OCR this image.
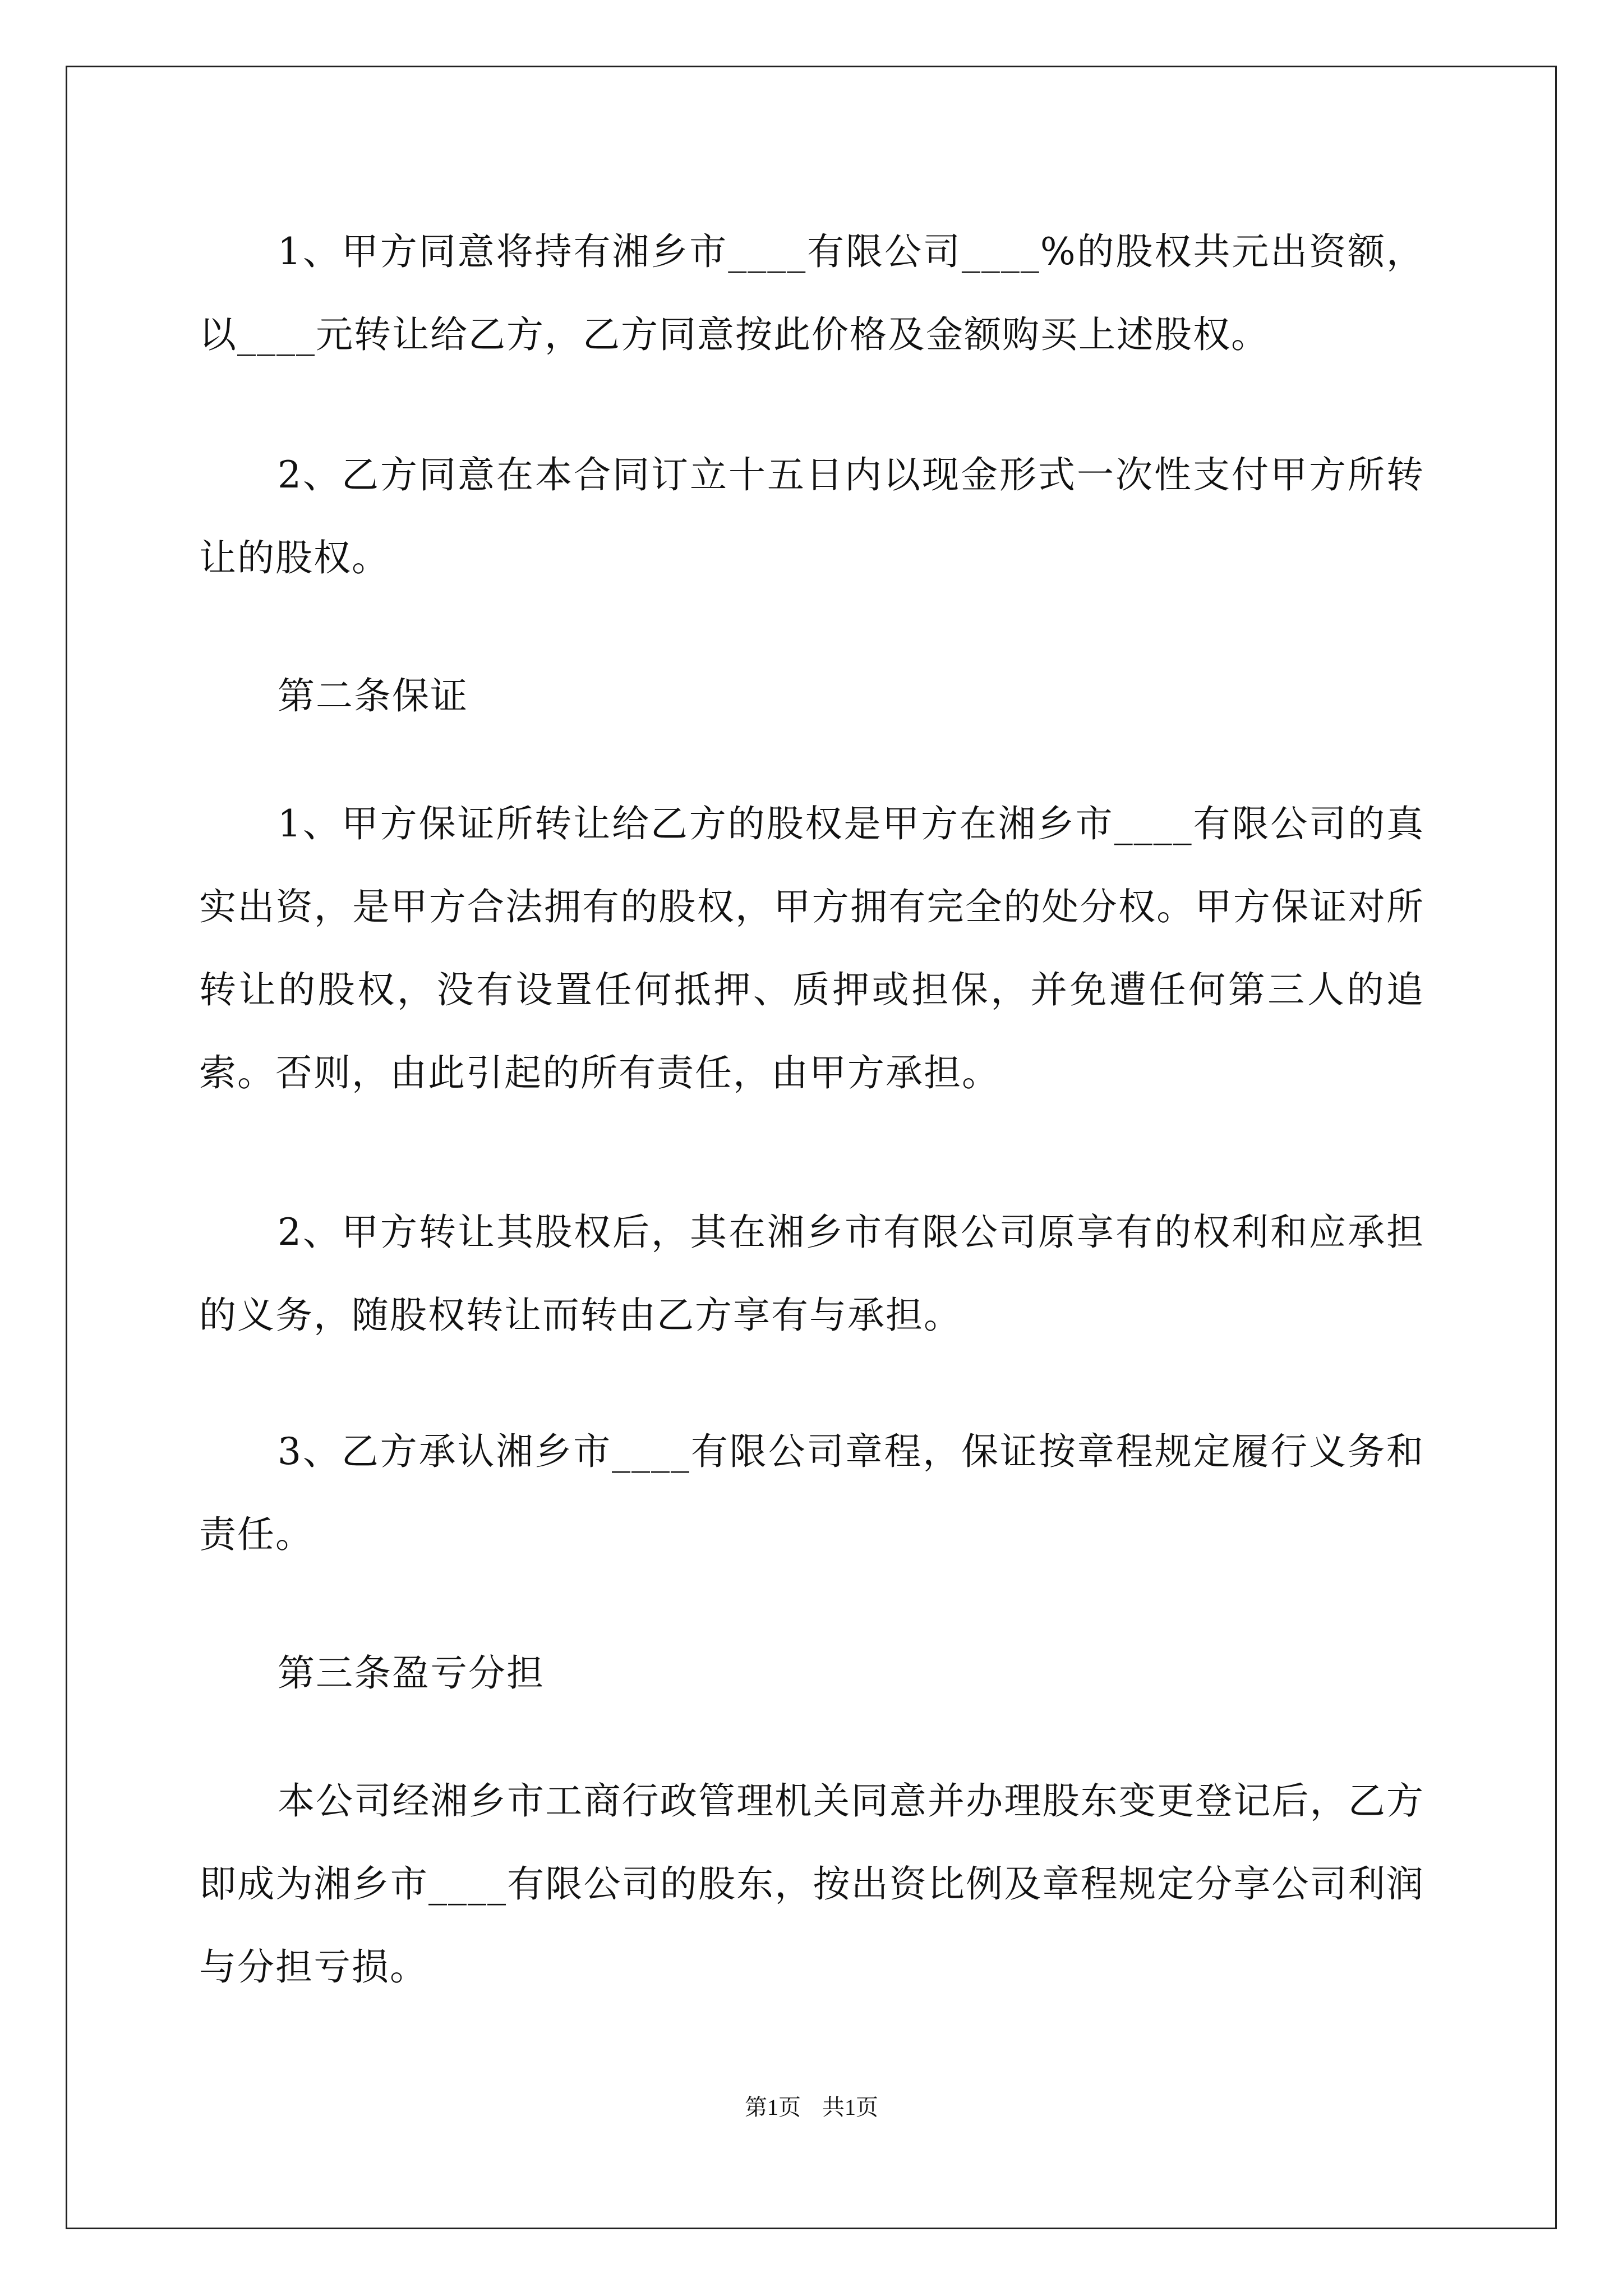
1、甲方同意将持有湘乡市____有限公司____%的股权共元出资额，以____元转让给乙方，乙方同意按此价格及金额购买上述股权。

2、乙方同意在本合同订立十五日内以现金形式一次性支付甲方所转让的股权。

第二条保证

1、甲方保证所转让给乙方的股权是甲方在湘乡市____有限公司的真实出资，是甲方合法拥有的股权，甲方拥有完全的处分权。甲方保证对所转让的股权，没有设置任何抵押、质押或担保，并免遭任何第三人的追索。否则，由此引起的所有责任，由甲方承担。

2、甲方转让其股权后，其在湘乡市有限公司原享有的权利和应承担的义务，随股权转让而转由乙方享有与承担。

3、乙方承认湘乡市____有限公司章程，保证按章程规定履行义务和责任。

第三条盈亏分担

本公司经湘乡市工商行政管理机关同意并办理股东变更登记后，乙方即成为湘乡市____有限公司的股东，按出资比例及章程规定分享公司利润与分担亏损。

第1页 共1页
